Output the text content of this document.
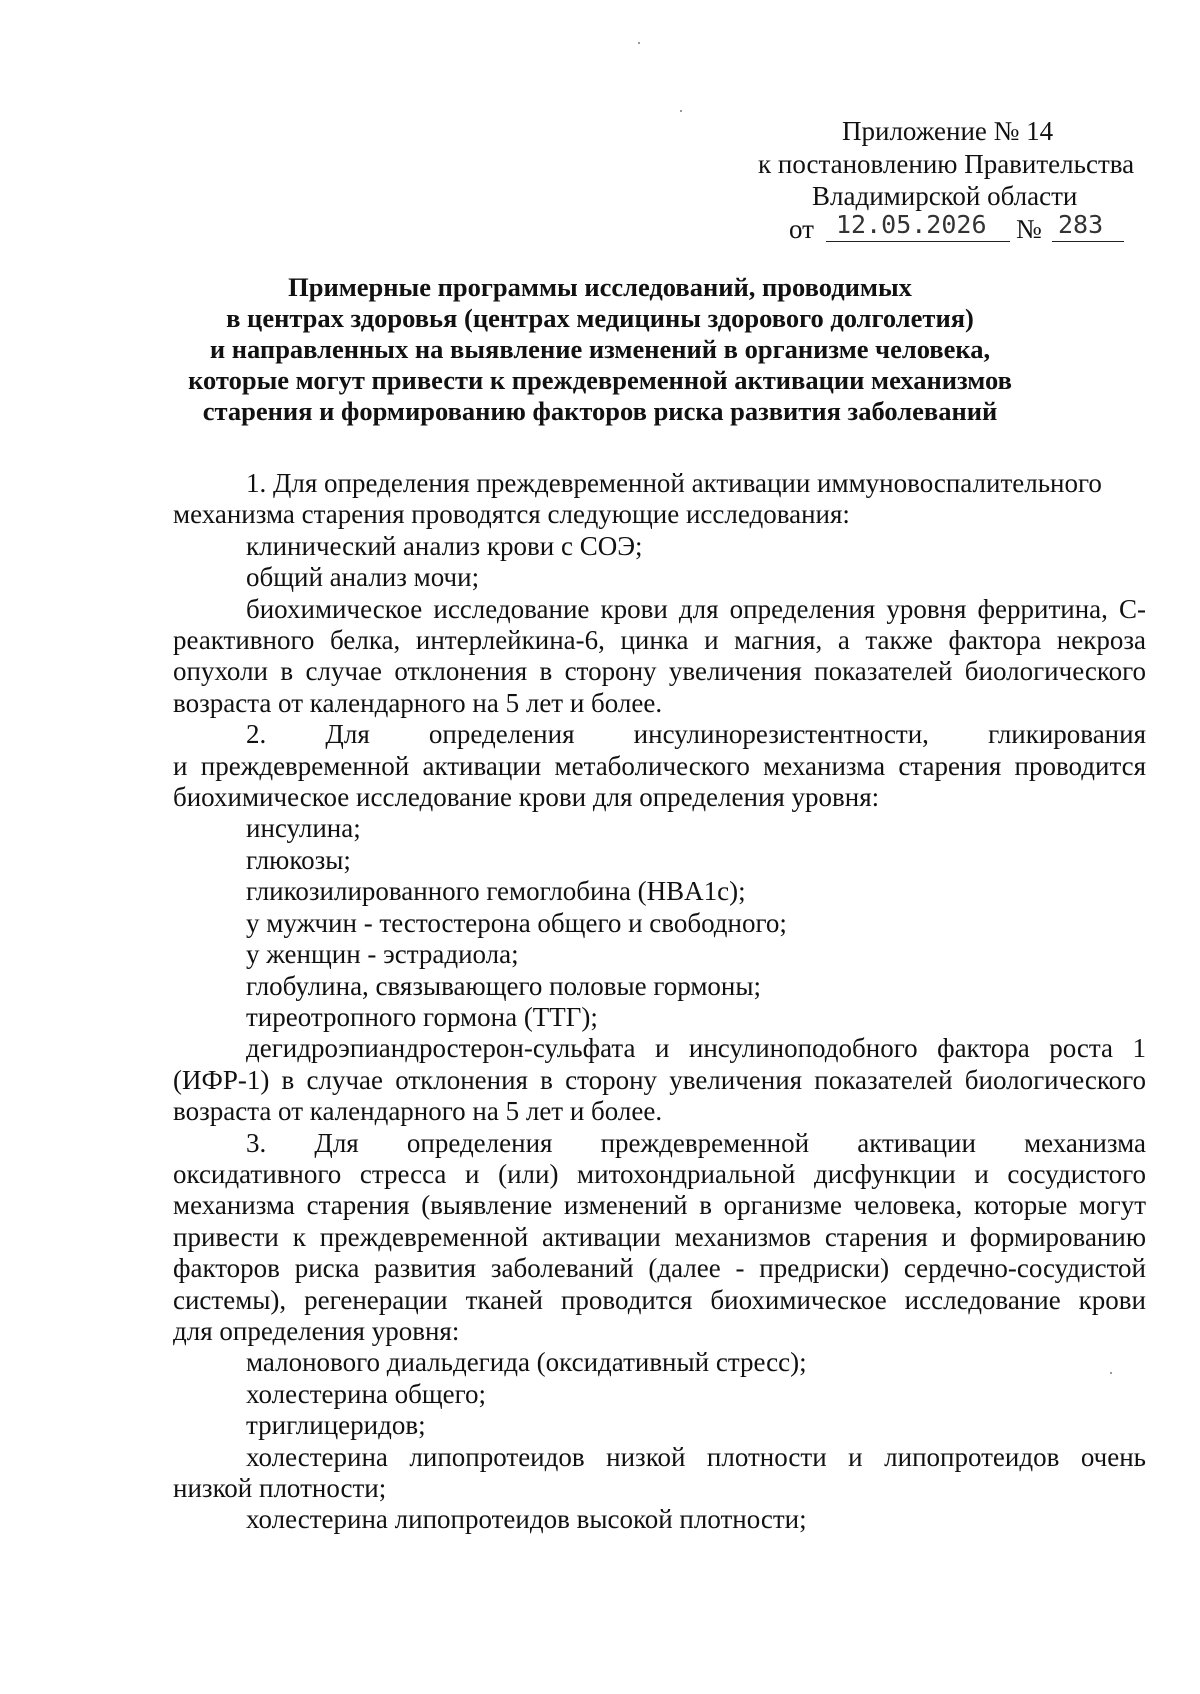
Приложение № 14
к постановлению Правительства
Владимирской области
от 12.05.2026 № 283
Примерные программы исследований, проводимых
в центрах здоровья (центрах медицины здорового долголетия)
и направленных на выявление изменений в организме человека,
которые могут привести к преждевременной активации механизмов
старения и формированию факторов риска развития заболеваний
1. Для определения преждевременной активации иммуновоспалительного
механизма старения проводятся следующие исследования:
клинический анализ крови с СОЭ;
общий анализ мочи;
биохимическое исследование крови для определения уровня ферритина, С-
реактивного белка, интерлейкина-6, цинка и магния, а также фактора некроза
опухоли в случае отклонения в сторону увеличения показателей биологического
возраста от календарного на 5 лет и более.
2. Для определения инсулинорезистентности, гликирования
и преждевременной активации метаболического механизма старения проводится
биохимическое исследование крови для определения уровня:
инсулина;
глюкозы;
гликозилированного гемоглобина (HBA1c);
у мужчин - тестостерона общего и свободного;
у женщин - эстрадиола;
глобулина, связывающего половые гормоны;
тиреотропного гормона (ТТГ);
дегидроэпиандростерон-сульфата и инсулиноподобного фактора роста 1
(ИФР-1) в случае отклонения в сторону увеличения показателей биологического
возраста от календарного на 5 лет и более.
3. Для определения преждевременной активации механизма
оксидативного стресса и (или) митохондриальной дисфункции и сосудистого
механизма старения (выявление изменений в организме человека, которые могут
привести к преждевременной активации механизмов старения и формированию
факторов риска развития заболеваний (далее - предриски) сердечно-сосудистой
системы), регенерации тканей проводится биохимическое исследование крови
для определения уровня:
малонового диальдегида (оксидативный стресс);
холестерина общего;
триглицеридов;
холестерина липопротеидов низкой плотности и липопротеидов очень
низкой плотности;
холестерина липопротеидов высокой плотности;
